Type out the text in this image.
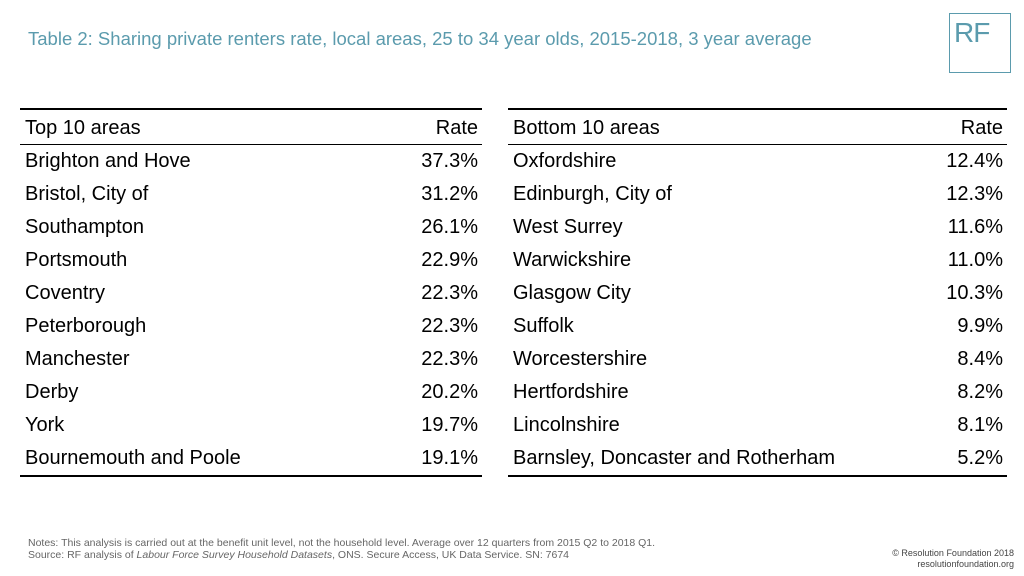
Table 2: Sharing private renters rate, local areas, 25 to 34 year olds, 2015-2018, 3 year average	RF
Top 10 areas	Rate
Brighton and Hove	37.3%
Bristol, City of	31.2%
Southampton	26.1%
Portsmouth	22.9%
Coventry	22.3%
Peterborough	22.3%
Manchester	22.3%
Derby	20.2%
York	19.7%
Bournemouth and Poole	19.1%
Bottom 10 areas	Rate
Oxfordshire	12.4%
Edinburgh, City of	12.3%
West Surrey	11.6%
Warwickshire	11.0%
Glasgow City	10.3%
Suffolk	9.9%
Worcestershire	8.4%
Hertfordshire	8.2%
Lincolnshire	8.1%
Barnsley, Doncaster and Rotherham	5.2%
Notes: This analysis is carried out at the benefit unit level, not the household level. Average over 12 quarters from 2015 Q2 to 2018 Q1.
Source: RF analysis of Labour Force Survey Household Datasets, ONS. Secure Access, UK Data Service. SN: 7674	© Resolution Foundation 2018
resolutionfoundation.org
